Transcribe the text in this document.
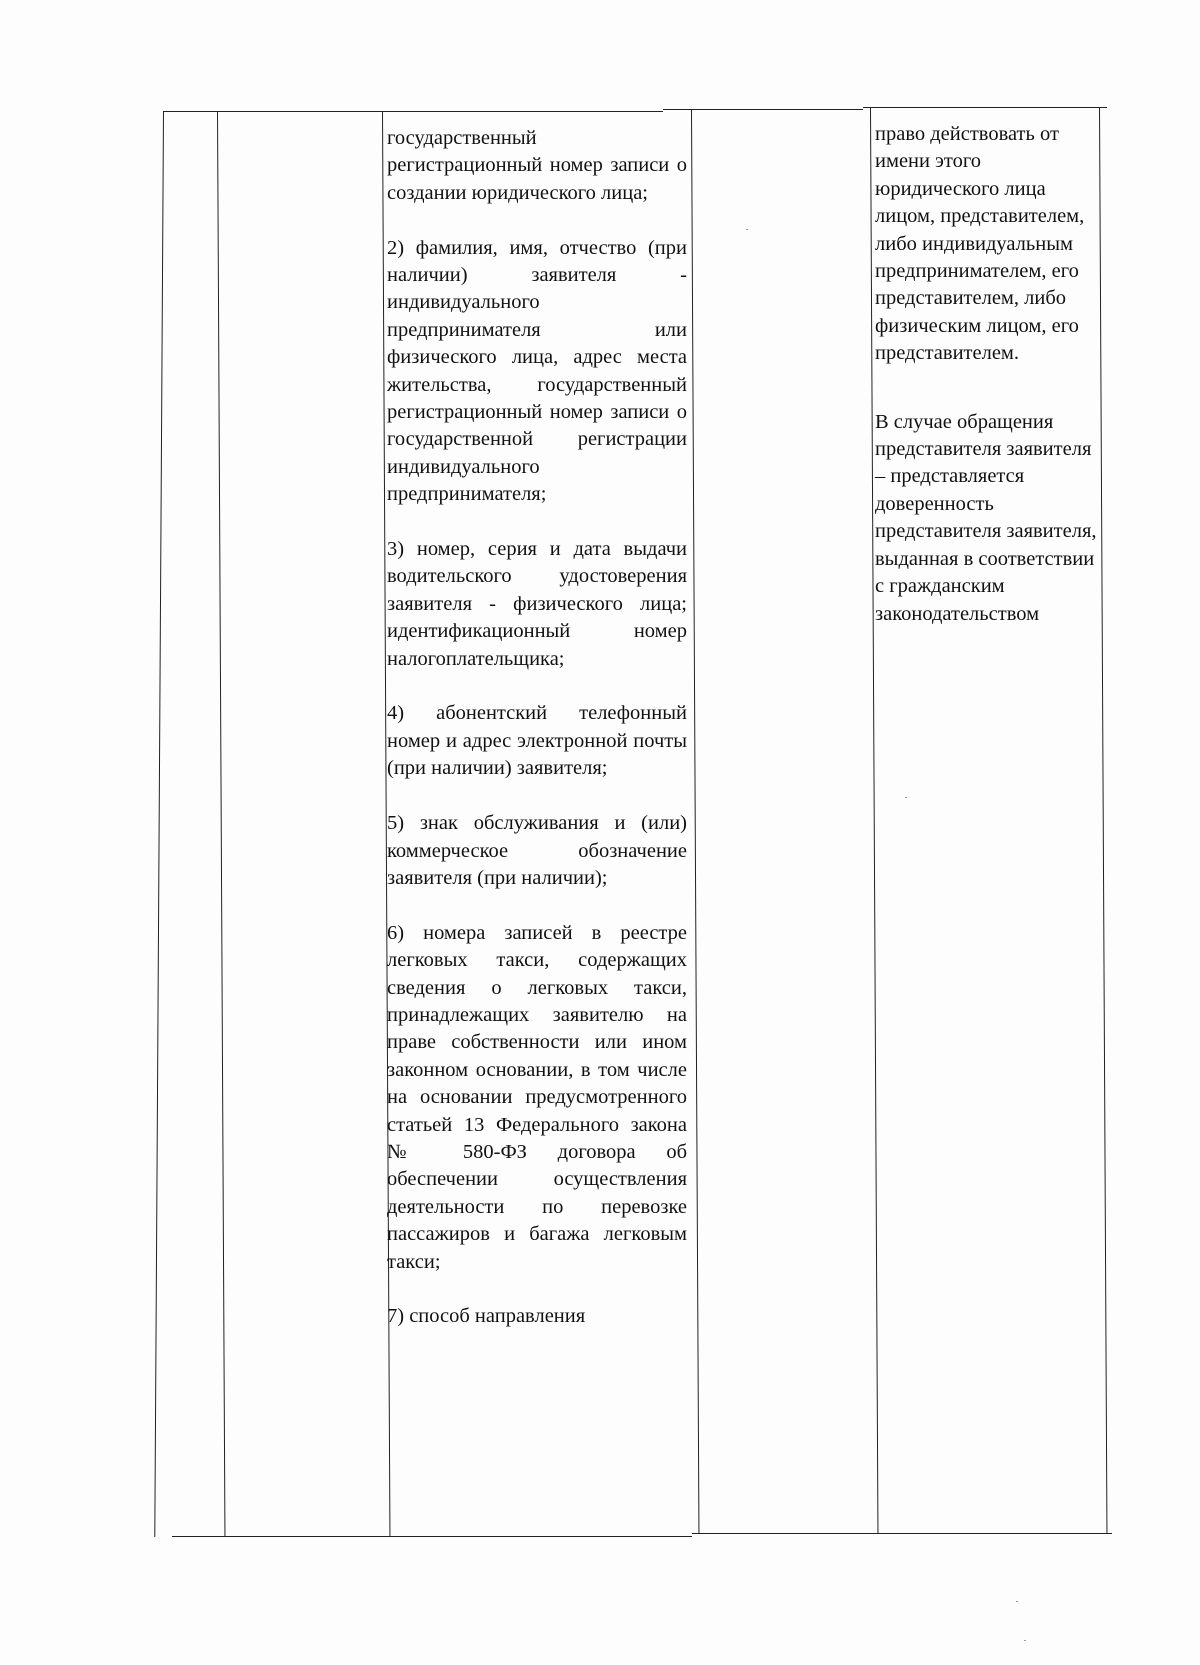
государственный регистрационный номер записи о создании юридического лица;

2) фамилия, имя, отчество (при наличии) заявителя - индивидуального предпринимателя или физического лица, адрес места жительства, государственный регистрационный номер записи о государственной регистрации индивидуального предпринимателя;

3) номер, серия и дата выдачи водительского удостоверения заявителя - физического лица; идентификационный номер налогоплательщика;

4) абонентский телефонный номер и адрес электронной почты (при наличии) заявителя;

5) знак обслуживания и (или) коммерческое обозначение заявителя (при наличии);

6) номера записей в реестре легковых такси, содержащих сведения о легковых такси, принадлежащих заявителю на праве собственности или ином законном основании, в том числе на основании предусмотренного статьей 13 Федерального закона № 580-ФЗ договора об обеспечении осуществления деятельности по перевозке пассажиров и багажа легковым такси;

7) способ направления

право действовать от имени этого юридического лица лицом, представителем, либо индивидуальным предпринимателем, его представителем, либо физическим лицом, его представителем.

В случае обращения представителя заявителя – представляется доверенность представителя заявителя, выданная в соответствии с гражданским законодательством
